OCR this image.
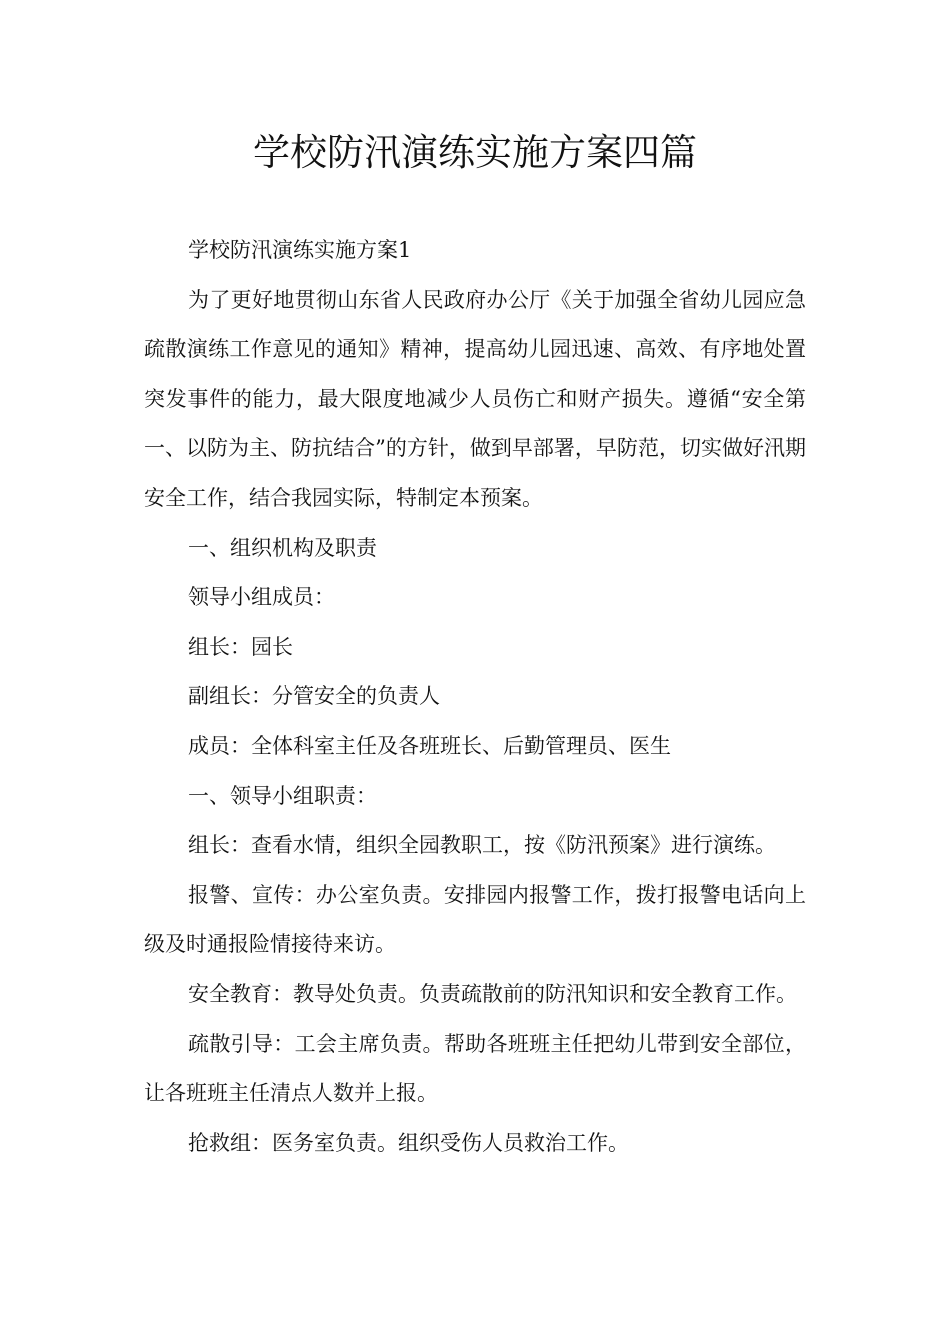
学校防汛演练实施方案四篇

学校防汛演练实施方案1

为了更好地贯彻山东省人民政府办公厅《关于加强全省幼儿园应急疏散演练工作意见的通知》精神，提高幼儿园迅速、高效、有序地处置突发事件的能力，最大限度地减少人员伤亡和财产损失。遵循“安全第一、以防为主、防抗结合”的方针，做到早部署，早防范，切实做好汛期安全工作，结合我园实际，特制定本预案。

一、组织机构及职责

领导小组成员：

组长：园长

副组长：分管安全的负责人

成员：全体科室主任及各班班长、后勤管理员、医生

一、领导小组职责：

组长：查看水情，组织全园教职工，按《防汛预案》进行演练。

报警、宣传：办公室负责。安排园内报警工作，拨打报警电话向上级及时通报险情接待来访。

安全教育：教导处负责。负责疏散前的防汛知识和安全教育工作。

疏散引导：工会主席负责。帮助各班班主任把幼儿带到安全部位，让各班班主任清点人数并上报。

抢救组：医务室负责。组织受伤人员救治工作。
